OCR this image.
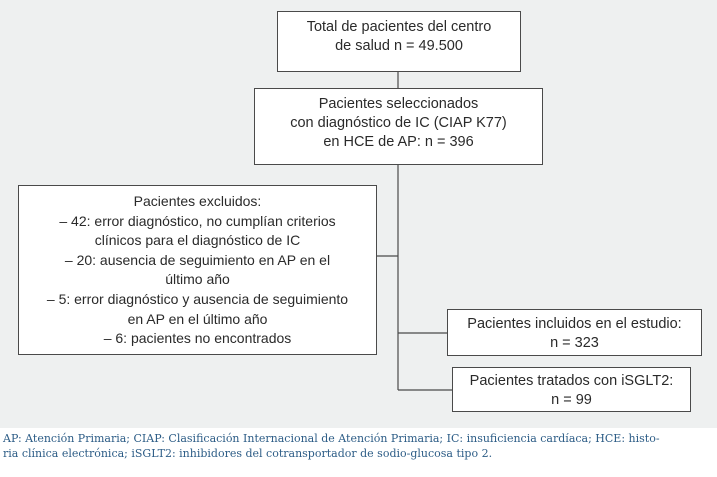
Total de pacientes del centro
de salud n = 49.500
Pacientes seleccionados
con diagnóstico de IC (CIAP K77)
en HCE de AP: n = 396
Pacientes excluidos:
– 42: error diagnóstico, no cumplían criterios
clínicos para el diagnóstico de IC
– 20: ausencia de seguimiento en AP en el
último año
– 5: error diagnóstico y ausencia de seguimiento
en AP en el último año
– 6: pacientes no encontrados
Pacientes incluidos en el estudio:
n = 323
Pacientes tratados con iSGLT2:
n = 99
AP: Atención Primaria; CIAP: Clasificación Internacional de Atención Primaria; IC: insuficiencia cardíaca; HCE: histo-
ria clínica electrónica; iSGLT2: inhibidores del cotransportador de sodio-glucosa tipo 2.
